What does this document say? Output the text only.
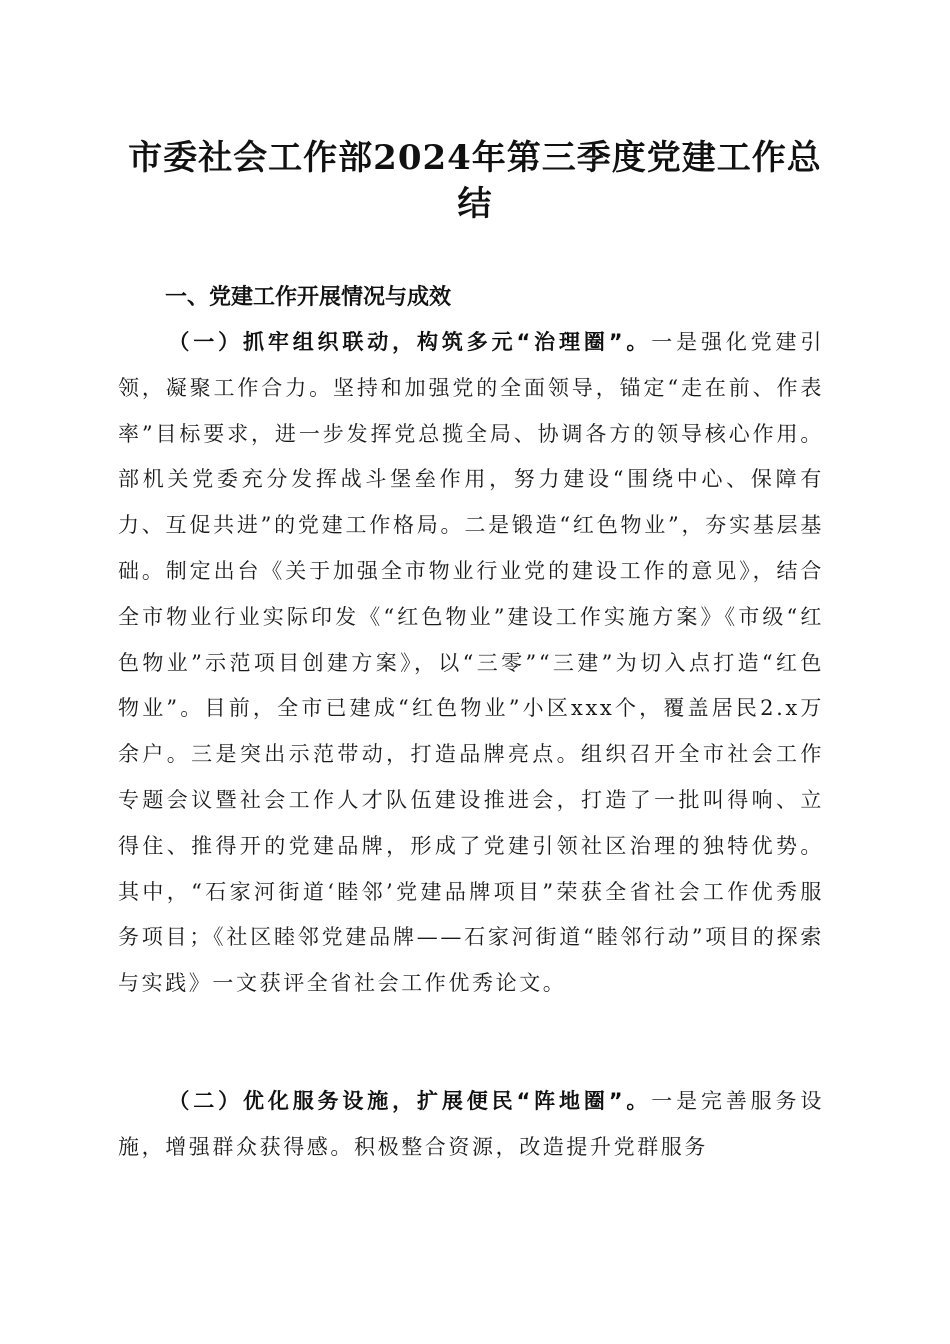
市委社会工作部2024年第三季度党建工作总结
一、党建工作开展情况与成效

（一）抓牢组织联动，构筑多元“治理圈”。一是强化党建引领，凝聚工作合力。坚持和加强党的全面领导，锚定“走在前、作表率”目标要求，进一步发挥党总揽全局、协调各方的领导核心作用。部机关党委充分发挥战斗堡垒作用，努力建设“围绕中心、保障有力、互促共进”的党建工作格局。二是锻造“红色物业”，夯实基层基础。制定出台《关于加强全市物业行业党的建设工作的意见》，结合全市物业行业实际印发《“红色物业”建设工作实施方案》《市级“红色物业”示范项目创建方案》，以“三零”“三建”为切入点打造“红色物业”。目前，全市已建成“红色物业”小区xxx个，覆盖居民2.x万余户。三是突出示范带动，打造品牌亮点。组织召开全市社会工作专题会议暨社会工作人才队伍建设推进会，打造了一批叫得响、立得住、推得开的党建品牌，形成了党建引领社区治理的独特优势。其中，“石家河街道‘睦邻’党建品牌项目”荣获全省社会工作优秀服务项目；《社区睦邻党建品牌——石家河街道“睦邻行动”项目的探索与实践》一文获评全省社会工作优秀论文。

（二）优化服务设施，扩展便民“阵地圈”。一是完善服务设施，增强群众获得感。积极整合资源，改造提升党群服务
